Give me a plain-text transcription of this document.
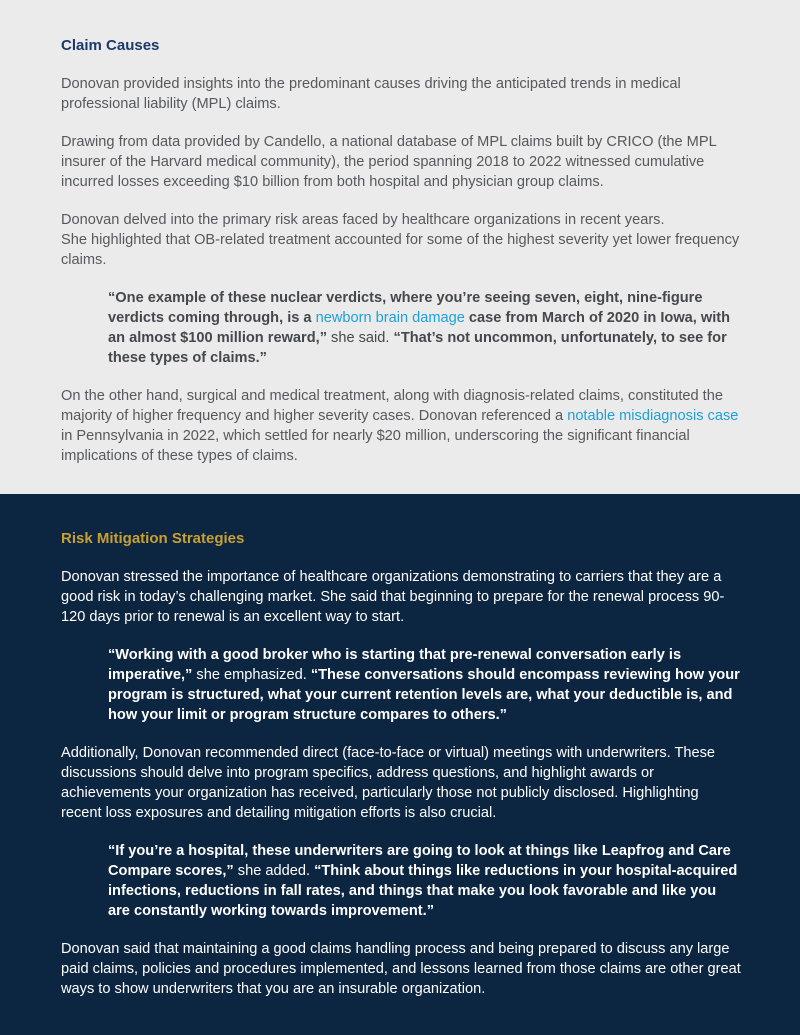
Claim Causes

Donovan provided insights into the predominant causes driving the anticipated trends in medical professional liability (MPL) claims.

Drawing from data provided by Candello, a national database of MPL claims built by CRICO (the MPL insurer of the Harvard medical community), the period spanning 2018 to 2022 witnessed cumulative incurred losses exceeding $10 billion from both hospital and physician group claims.

Donovan delved into the primary risk areas faced by healthcare organizations in recent years.
She highlighted that OB-related treatment accounted for some of the highest severity yet lower frequency claims.

“One example of these nuclear verdicts, where you’re seeing seven, eight, nine-figure verdicts coming through, is a newborn brain damage case from March of 2020 in Iowa, with an almost $100 million reward,” she said. “That’s not uncommon, unfortunately, to see for these types of claims.”

On the other hand, surgical and medical treatment, along with diagnosis-related claims, constituted the majority of higher frequency and higher severity cases. Donovan referenced a notable misdiagnosis case in Pennsylvania in 2022, which settled for nearly $20 million, underscoring the significant financial implications of these types of claims.

Risk Mitigation Strategies

Donovan stressed the importance of healthcare organizations demonstrating to carriers that they are a good risk in today’s challenging market. She said that beginning to prepare for the renewal process 90-120 days prior to renewal is an excellent way to start.

“Working with a good broker who is starting that pre-renewal conversation early is imperative,” she emphasized. “These conversations should encompass reviewing how your program is structured, what your current retention levels are, what your deductible is, and how your limit or program structure compares to others.”

Additionally, Donovan recommended direct (face-to-face or virtual) meetings with underwriters. These discussions should delve into program specifics, address questions, and highlight awards or achievements your organization has received, particularly those not publicly disclosed. Highlighting recent loss exposures and detailing mitigation efforts is also crucial.

“If you’re a hospital, these underwriters are going to look at things like Leapfrog and Care Compare scores,” she added. “Think about things like reductions in your hospital-acquired infections, reductions in fall rates, and things that make you look favorable and like you are constantly working towards improvement.”

Donovan said that maintaining a good claims handling process and being prepared to discuss any large paid claims, policies and procedures implemented, and lessons learned from those claims are other great ways to show underwriters that you are an insurable organization.
